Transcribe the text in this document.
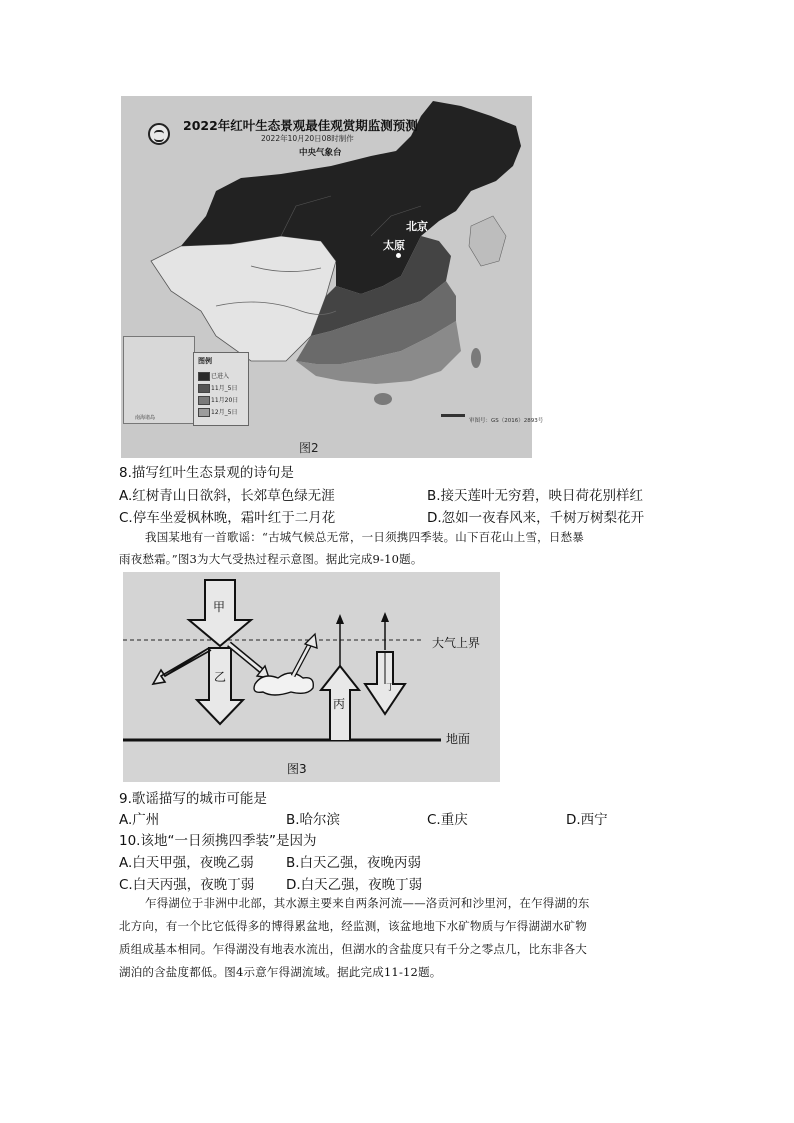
2022年红叶生态景观最佳观赏期监测预测
2022年10月20日08时制作
中央气象台
北京
太原
南海诸岛
图例
已进入
11月_5日
11月20日
12月_5日
审图号：GS（2016）2893号
图2
8.描写红叶生态景观的诗句是
A.红树青山日欲斜，长郊草色绿无涯	B.接天莲叶无穷碧，映日荷花别样红
C.停车坐爱枫林晚，霜叶红于二月花	D.忽如一夜春风来，千树万树梨花开
我国某地有一首歌谣：“古城气候总无常，一日须携四季装。山下百花山上雪，日愁暴
雨夜愁霜。”图3为大气受热过程示意图。据此完成9-10题。
甲
乙
丙
丁
大气上界
地面
图3
9.歌谣描写的城市可能是
A.广州	B.哈尔滨	C.重庆	D.西宁
10.该地“一日须携四季装”是因为
A.白天甲强，夜晚乙弱 B.白天乙强，夜晚丙弱
C.白天丙强，夜晚丁弱 D.白天乙强，夜晚丁弱
乍得湖位于非洲中北部，其水源主要来自两条河流——洛贡河和沙里河，在乍得湖的东
北方向，有一个比它低得多的博得累盆地，经监测，该盆地地下水矿物质与乍得湖湖水矿物
质组成基本相同。乍得湖没有地表水流出，但湖水的含盐度只有千分之零点几，比东非各大
湖泊的含盐度都低。图4示意乍得湖流域。据此完成11-12题。
